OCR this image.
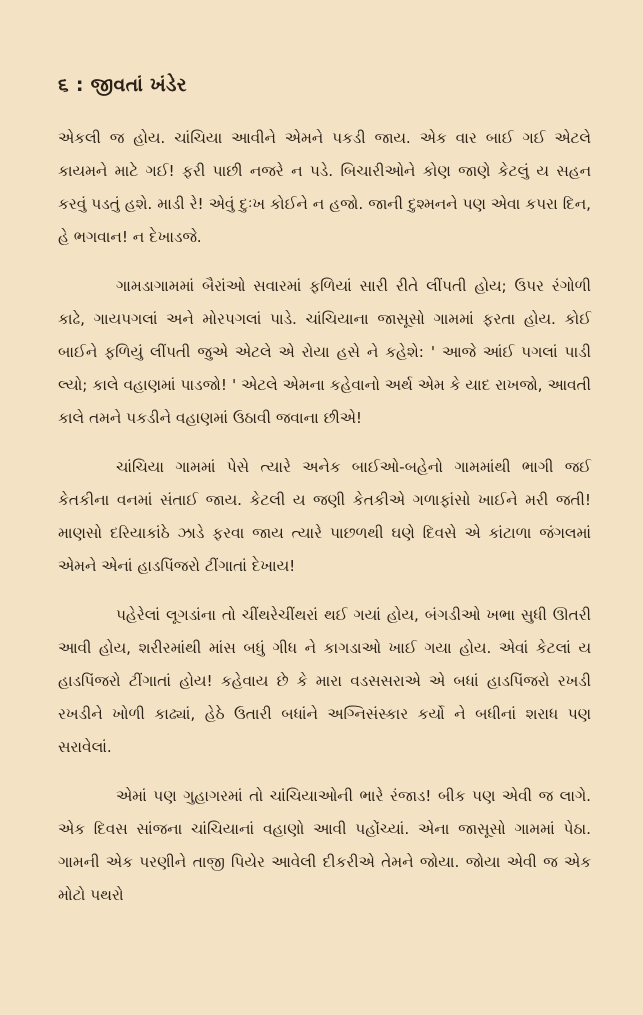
૬ : જીવતાં ખંડેર

એકલી જ હોય. ચાંચિયા આવીને એમને પકડી જાય. એક વાર બાઈ ગઈ એટલે કાયમને માટે ગઈ! ફરી પાછી નજરે ન પડે. બિચારીઓને કોણ જાણે કેટલું ય સહન કરવું પડતું હશે. માડી રે! એવું દુઃખ કોઈને ન હજો. જાની દુશ્મનને પણ એવા કપરા દિન, હે ભગવાન! ન દેખાડજે.

ગામડાગામમાં બૈરાંઓ સવારમાં ફળિયાં સારી રીતે લીંપતી હોય; ઉપર રંગોળી કાઢે, ગાયપગલાં અને મોરપગલાં પાડે. ચાંચિયાના જાસૂસો ગામમાં ફરતા હોય. કોઈ બાઈને ફળિયું લીંપતી જુએ એટલે એ રોયા હસે ને કહેશે: ' આજે આંઈ પગલાં પાડી લ્યો; કાલે વહાણમાં પાડજો! ' એટલે એમના કહેવાનો અર્થ એમ કે યાદ રાખજો, આવતી કાલે તમને પકડીને વહાણમાં ઉઠાવી જવાના છીએ!

ચાંચિયા ગામમાં પેસે ત્યારે અનેક બાઈઓ-બહેનો ગામમાંથી ભાગી જઈ કેતકીના વનમાં સંતાઈ જાય. કેટલી ય જણી કેતકીએ ગળાફાંસો ખાઈને મરી જતી! માણસો દરિયાકાંઠે ઝાડે ફરવા જાય ત્યારે પાછળથી ઘણે દિવસે એ કાંટાળા જંગલમાં એમને એનાં હાડપિંજરો ટીંગાતાં દેખાય!

પહેરેલાં લૂગડાંના તો ચીંથરેચીંથરાં થઈ ગયાં હોય, બંગડીઓ ખભા સુધી ઊતરી આવી હોય, શરીરમાંથી માંસ બધું ગીધ ને કાગડાઓ ખાઈ ગયા હોય. એવાં કેટલાં ય હાડપિંજરો ટીંગાતાં હોય! કહેવાય છે કે મારા વડસસરાએ એ બધાં હાડપિંજરો રખડી રખડીને ખોળી કાઢ્યાં, હેઠે ઉતારી બધાંને અગ્નિસંસ્કાર કર્યો ને બધીનાં શરાધ પણ સરાવેલાં.

એમાં પણ ગુહાગરમાં તો ચાંચિયાઓની ભારે રંજાડ! બીક પણ એવી જ લાગે. એક દિવસ સાંજના ચાંચિયાનાં વહાણો આવી પહોંચ્યાં. એના જાસૂસો ગામમાં પેઠા. ગામની એક પરણીને તાજી પિયેર આવેલી દીકરીએ તેમને જોયા. જોયા એવી જ એક મોટો પથરો
